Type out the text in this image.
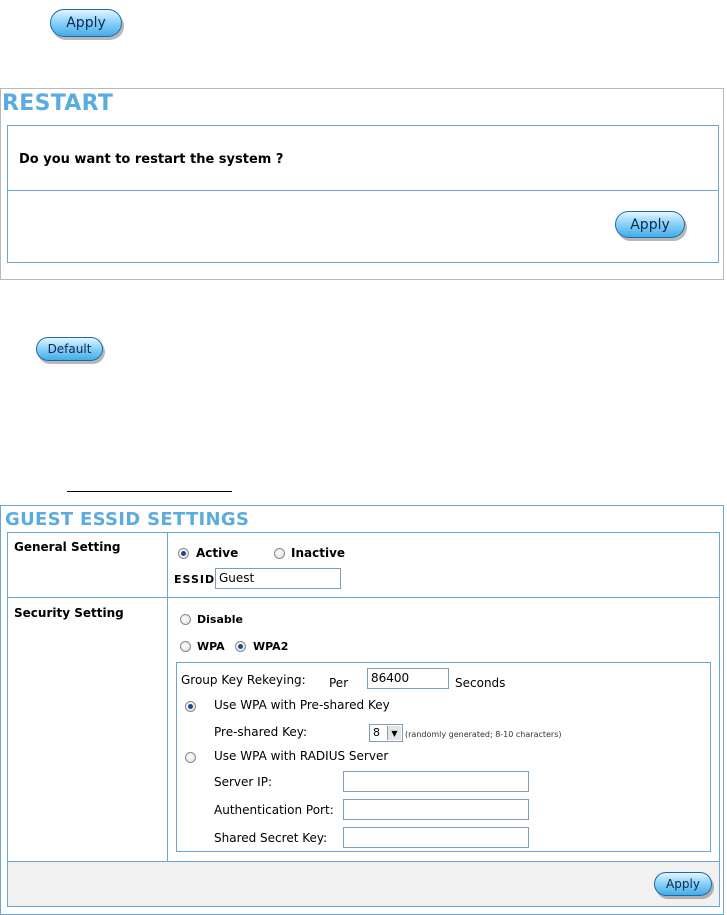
Apply
RESTART
Do you want to restart the system ?
Apply
Default
GUEST ESSID SETTINGS
General Setting	Active	Inactive
ESSID Guest
Security Setting	Disable
WPA	WPA2
Group Key Rekeying: Per	86400	Seconds
Use WPA with Pre-shared Key
Pre-shared Key:	8	▼ (randomly generated; 8-10 characters)
Use WPA with RADIUS Server
Server IP:
Authentication Port:
Shared Secret Key:
Apply
